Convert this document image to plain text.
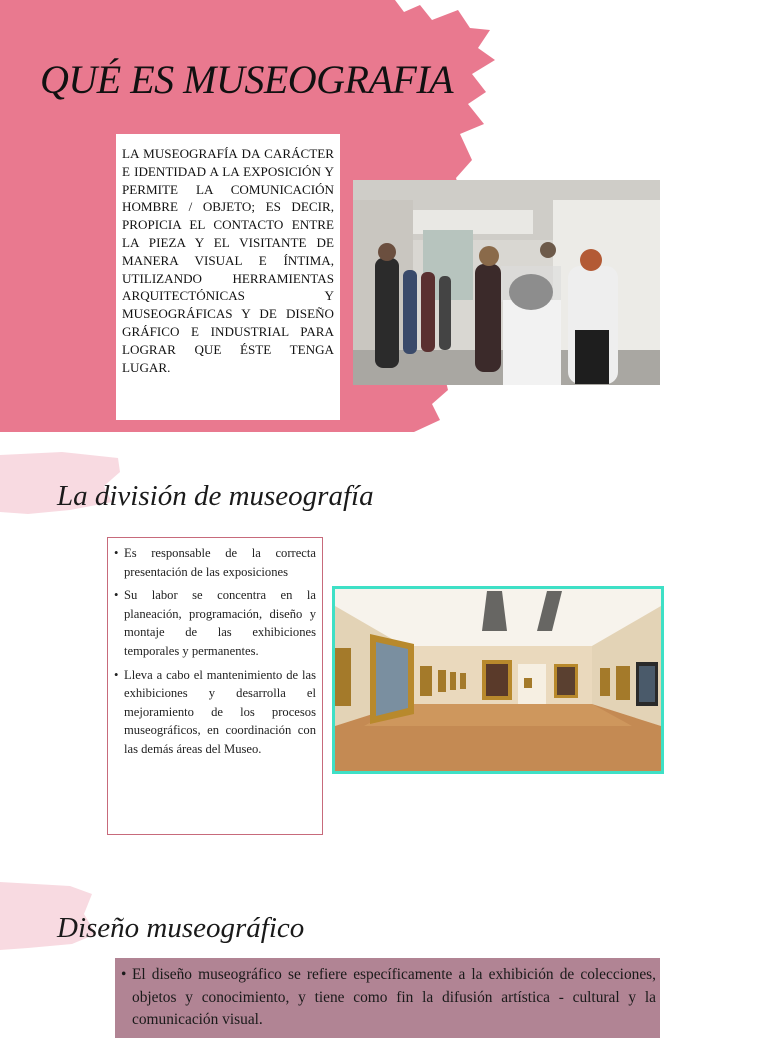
QUÉ ES MUSEOGRAFIA

LA MUSEOGRAFÍA DA CARÁCTER E IDENTIDAD A LA EXPOSICIÓN Y PERMITE LA COMUNICACIÓN HOMBRE / OBJETO; ES DECIR, PROPICIA EL CONTACTO ENTRE LA PIEZA Y EL VISITANTE DE MANERA VISUAL E ÍNTIMA, UTILIZANDO HERRAMIENTAS ARQUITECTÓNICAS Y MUSEOGRÁFICAS Y DE DISEÑO GRÁFICO E INDUSTRIAL PARA LOGRAR QUE ÉSTE TENGA LUGAR.

La división de museografía
• Es responsable de la correcta presentación de las exposiciones
• Su labor se concentra en la planeación, programación, diseño y montaje de las exhibiciones temporales y permanentes.
• Lleva a cabo el mantenimiento de las exhibiciones y desarrolla el mejoramiento de los procesos museográficos, en coordinación con las demás áreas del Museo.
Diseño museográfico
• El diseño museográfico se refiere específicamente a la exhibición de colecciones, objetos y conocimiento, y tiene como fin la difusión artística - cultural y la comunicación visual.
